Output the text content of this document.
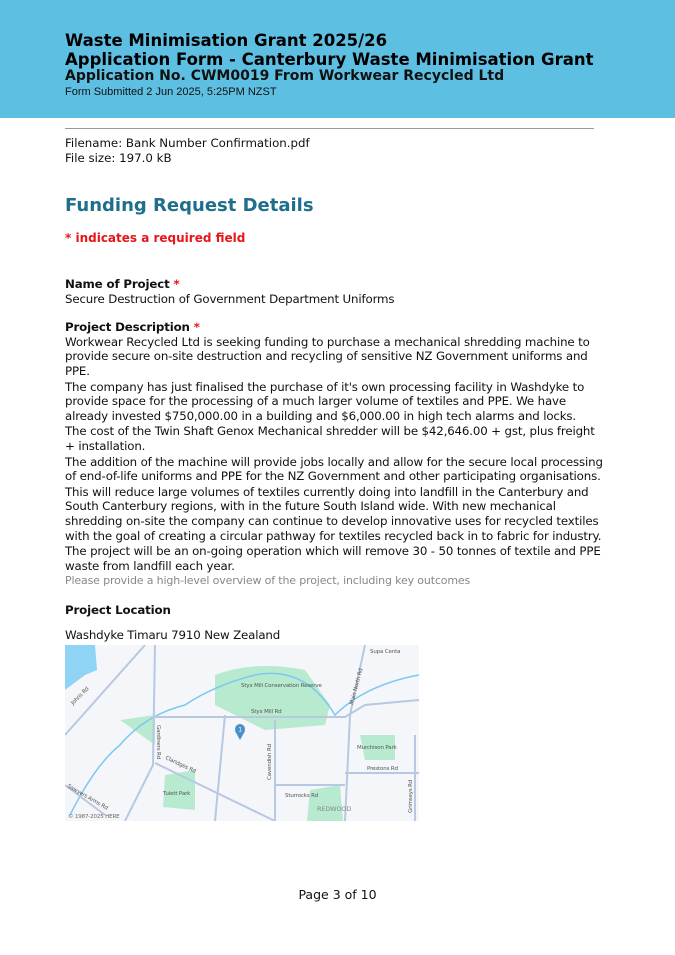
Waste Minimisation Grant 2025/26
Application Form - Canterbury Waste Minimisation Grant
Application No. CWM0019 From Workwear Recycled Ltd
Form Submitted 2 Jun 2025, 5:25PM NZST
Filename: Bank Number Confirmation.pdf
File size: 197.0 kB
Funding Request Details
* indicates a required field
Name of Project *
Secure Destruction of Government Department Uniforms
Project Description *

Workwear Recycled Ltd is seeking funding to purchase a mechanical shredding machine to provide secure on-site destruction and recycling of sensitive NZ Government uniforms and PPE.

The company has just finalised the purchase of it's own processing facility in Washdyke to provide space for the processing of a much larger volume of textiles and PPE. We have already invested $750,000.00 in a building and $6,000.00 in high tech alarms and locks.

The cost of the Twin Shaft Genox Mechanical shredder will be $42,646.00 + gst, plus freight + installation.

The addition of the machine will provide jobs locally and allow for the secure local processing of end-of-life uniforms and PPE for the NZ Government and other participating organisations.

This will reduce large volumes of textiles currently doing into landfill in the Canterbury and South Canterbury regions, with in the future South Island wide. With new mechanical shredding on-site the company can continue to develop innovative uses for recycled textiles with the goal of creating a circular pathway for textiles recycled back in to fabric for industry.

The project will be an on-going operation which will remove 30 - 50 tonnes of textile and PPE waste from landfill each year.

Please provide a high-level overview of the project, including key outcomes
Project Location
Washdyke Timaru 7910 New Zealand
Johns Rd
Gardiners Rd
Styx Mill Rd
Styx Mill Conservation Reserve	Main North Rd
Cavendish Rd	Murchison Park
Prestons Rd
Grimseys Rd
Claridges Rd
Sturrocks Rd
REDWOOD
Tulett Park
Sawyers Arms Rd
Supa Centa
1
© 1987-2025 HERE
Page 3 of 10
